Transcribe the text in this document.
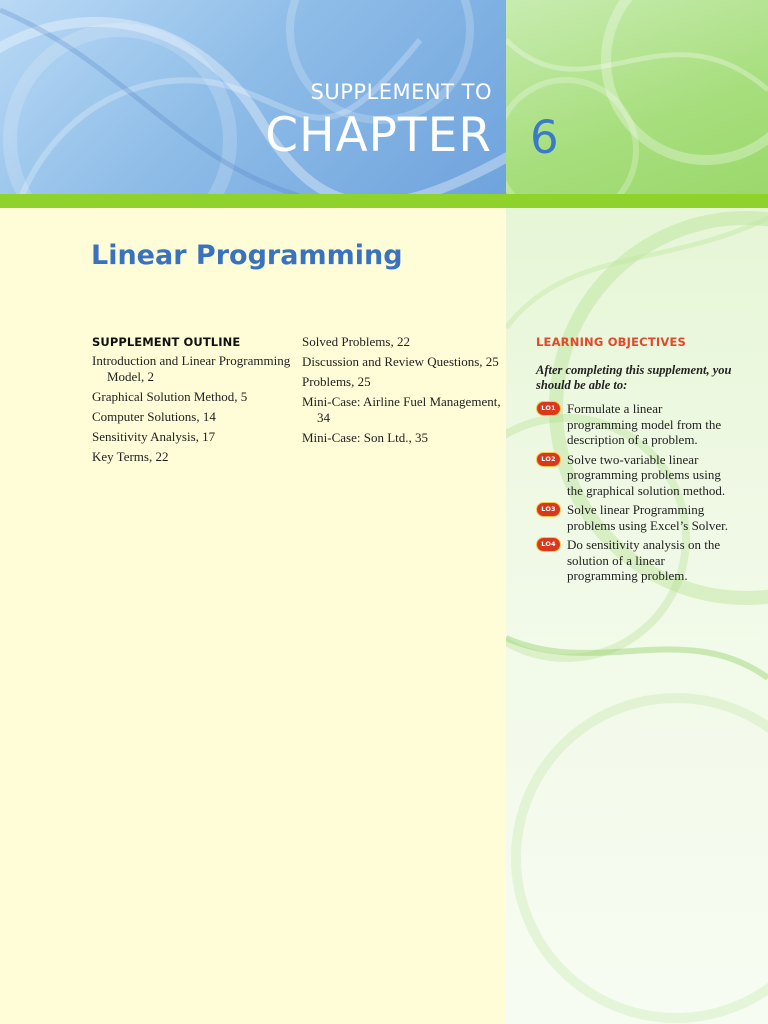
SUPPLEMENT TO
CHAPTER 6
Linear Programming
SUPPLEMENT OUTLINE
Introduction and Linear Programming Model, 2
Graphical Solution Method, 5
Computer Solutions, 14
Sensitivity Analysis, 17
Key Terms, 22
Solved Problems, 22
Discussion and Review Questions, 25
Problems, 25
Mini-Case: Airline Fuel Management, 34
Mini-Case: Son Ltd., 35
LEARNING OBJECTIVES
After completing this supplement, you should be able to:
LO1 Formulate a linear programming model from the description of a problem.
LO2 Solve two-variable linear programming problems using the graphical solution method.
LO3 Solve linear Programming problems using Excel’s Solver.
LO4 Do sensitivity analysis on the solution of a linear programming problem.
